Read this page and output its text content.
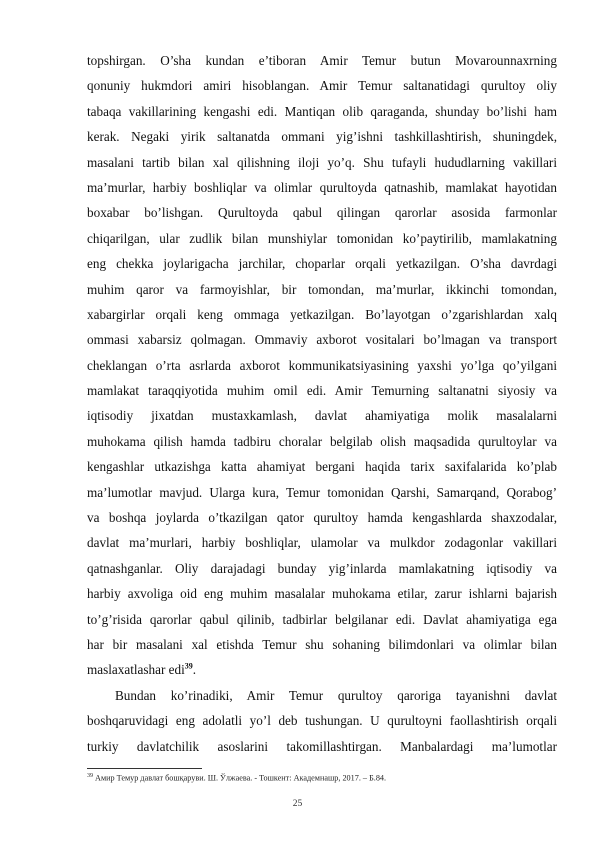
topshirgan. O’sha kundan e’tiboran Amir Temur butun Movarounnaxrning
qonuniy hukmdori amiri hisoblangan. Amir Temur saltanatidagi qurultoy oliy
tabaqa vakillarining kengashi edi. Mantiqan olib qaraganda, shunday bo’lishi ham
kerak. Negaki yirik saltanatda ommani yig’ishni tashkillashtirish, shuningdek,
masalani tartib bilan xal qilishning iloji yo’q. Shu tufayli hududlarning vakillari
ma’murlar, harbiy boshliqlar va olimlar qurultoyda qatnashib, mamlakat hayotidan
boxabar bo’lishgan. Qurultoyda qabul qilingan qarorlar asosida farmonlar
chiqarilgan, ular zudlik bilan munshiylar tomonidan ko’paytirilib, mamlakatning
eng chekka joylarigacha jarchilar, choparlar orqali yetkazilgan. O’sha davrdagi
muhim qaror va farmoyishlar, bir tomondan, ma’murlar, ikkinchi tomondan,
xabargirlar orqali keng ommaga yetkazilgan. Bo’layotgan o’zgarishlardan xalq
ommasi xabarsiz qolmagan. Ommaviy axborot vositalari bo’lmagan va transport
cheklangan o’rta asrlarda axborot kommunikatsiyasining yaxshi yo’lga qo’yilgani
mamlakat taraqqiyotida muhim omil edi. Amir Temurning saltanatni siyosiy va
iqtisodiy jixatdan mustaxkamlash, davlat ahamiyatiga molik masalalarni
muhokama qilish hamda tadbiru choralar belgilab olish maqsadida qurultoylar va
kengashlar utkazishga katta ahamiyat bergani haqida tarix saxifalarida ko’plab
ma’lumotlar mavjud. Ularga kura, Temur tomonidan Qarshi, Samarqand, Qorabog’
va boshqa joylarda o’tkazilgan qator qurultoy hamda kengashlarda shaxzodalar,
davlat ma’murlari, harbiy boshliqlar, ulamolar va mulkdor zodagonlar vakillari
qatnashganlar. Oliy darajadagi bunday yig’inlarda mamlakatning iqtisodiy va
harbiy axvoliga oid eng muhim masalalar muhokama etilar, zarur ishlarni bajarish
to’g’risida qarorlar qabul qilinib, tadbirlar belgilanar edi. Davlat ahamiyatiga ega
har bir masalani xal etishda Temur shu sohaning bilimdonlari va olimlar bilan
maslaxatlashar edi$^{39}$.
Bundan ko’rinadiki, Amir Temur qurultoy qaroriga tayanishni davlat
boshqaruvidagi eng adolatli yo’l deb tushungan. U qurultoyni faollashtirish orqali
turkiy davlatchilik asoslarini takomillashtirgan. Manbalardagi ma’lumotlar
$^{39}$ Амир Темур давлат бошқаруви. Ш. Ўлжаева. - Тошкент: Академнашр, 2017. – Б.84.
25
